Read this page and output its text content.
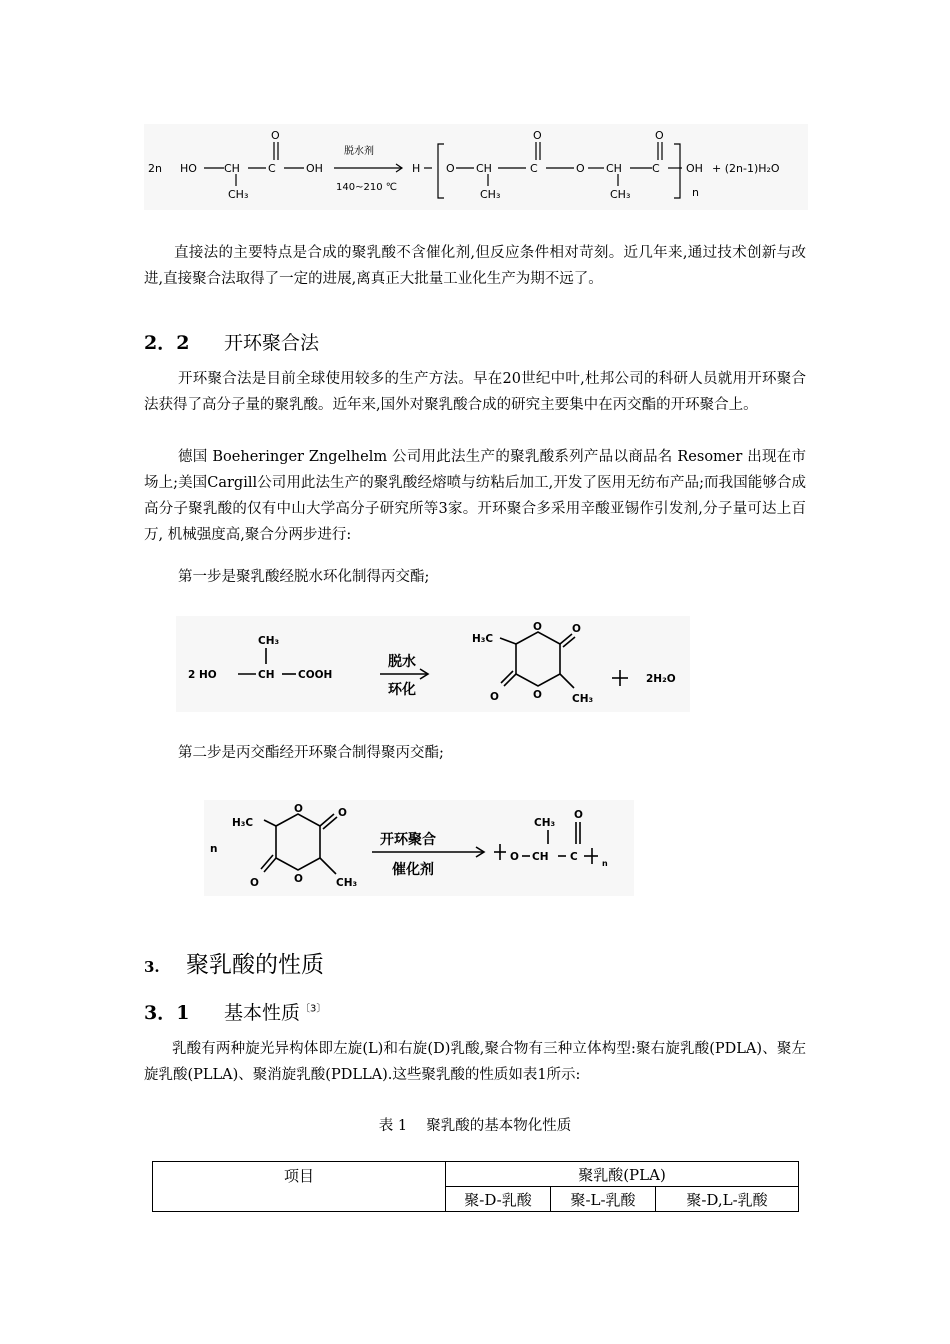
2n HO CH
CH₃
C
O
OH
脱水剂
140~210 ℃
H O CH
CH₃
C
O
O CH
CH₃
C
O
OH
n
+ (2n-1)H₂O
直接法的主要特点是合成的聚乳酸不含催化剂,但反应条件相对苛刻。近几年来,通过技术创新与改进,直接聚合法取得了一定的进展,离真正大批量工业化生产为期不远了。
2．2 开环聚合法
开环聚合法是目前全球使用较多的生产方法。早在20世纪中叶,杜邦公司的科研人员就用开环聚合法获得了高分子量的聚乳酸。近年来,国外对聚乳酸合成的研究主要集中在丙交酯的开环聚合上。
德国 Boeheringer Zngelhelm 公司用此法生产的聚乳酸系列产品以商品名 Resomer 出现在市场上;美国Cargill公司用此法生产的聚乳酸经熔喷与纺粘后加工,开发了医用无纺布产品;而我国能够合成高分子聚乳酸的仅有中山大学高分子研究所等3家。开环聚合多采用辛酸亚锡作引发剂,分子量可达上百万, 机械强度高,聚合分两步进行:
第一步是聚乳酸经脱水环化制得丙交酯;
CH₃
2 HO	CH COOH
脱水
环化
H₃C
O	O
O	O	CH₃
2H₂O
第二步是丙交酯经开环聚合制得聚丙交酯;
n
H₃C
O	O
O	O	CH₃
开环聚合
催化剂
O
CH₃
CH
O
C
n
3. 聚乳酸的性质
3．1 基本性质$^{〔3〕}$
乳酸有两种旋光异构体即左旋(L)和右旋(D)乳酸,聚合物有三种立体构型:聚右旋乳酸(PDLA)、聚左旋乳酸(PLLA)、聚消旋乳酸(PDLLA).这些聚乳酸的性质如表1所示:
表 1　 聚乳酸的基本物化性质
项目	聚乳酸(PLA)		
	聚-D-乳酸	聚-L-乳酸	聚-D,L-乳酸
